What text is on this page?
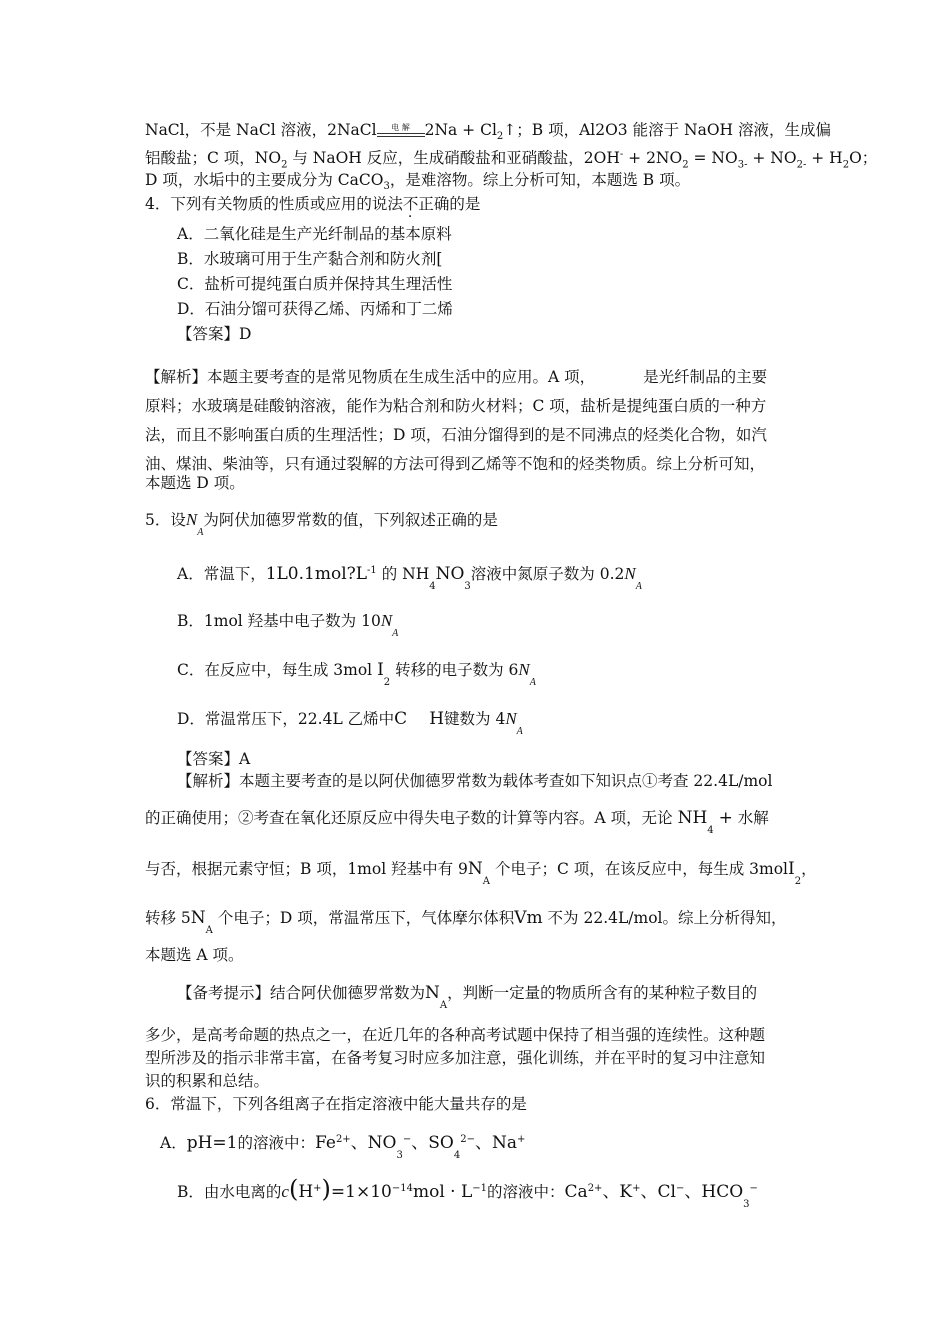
NaCl，不是 NaCl 溶液，2NaCl	电 解 $2Na + Cl_2↑$；B 项，Al2O3 能溶于 NaOH 溶液，生成偏
铝酸盐；C 项，$NO_2$ 与 NaOH 反应，生成硝酸盐和亚硝酸盐，$2OH^- + 2NO_2 = NO_{3-} + NO_{2-} + H_2O$；
D 项，水垢中的主要成分为 CaCO$_3$，是难溶物。综上分析可知，本题选 B 项。
4．下列有关物质的性质或应用的说法不正确的是
A．二氧化硅是生产光纤制品的基本原料
B．水玻璃可用于生产黏合剂和防火剂[
C．盐析可提纯蛋白质并保持其生理活性
D．石油分馏可获得乙烯、丙烯和丁二烯
【答案】D
【解析】本题主要考查的是常见物质在生成生活中的应用。A 项，	是光纤制品的主要
原料；水玻璃是硅酸钠溶液，能作为粘合剂和防火材料；C 项，盐析是提纯蛋白质的一种方
法，而且不影响蛋白质的生理活性；D 项，石油分馏得到的是不同沸点的烃类化合物，如汽
油、煤油、柴油等，只有通过裂解的方法可得到乙烯等不饱和的烃类物质。综上分析可知，
本题选 D 项。
5．设$N_A$为阿伏加德罗常数的值，下列叙述正确的是
A．常温下，$1L0.1mol?L^{-1}$ 的 $NH_4NO_3$溶液中氮原子数为 $0.2N_A$
B．1mol 羟基中电子数为 $10N_A$
C．在反应中，每生成 3mol $I_2$ 转移的电子数为 $6N_A$
D．常温常压下，22.4L 乙烯中C H键数为 $4N_A$
【答案】A
【解析】本题主要考查的是以阿伏伽德罗常数为载体考查如下知识点①考查 22.4L/mol
的正确使用；②考查在氧化还原反应中得失电子数的计算等内容。A 项，无论 $NH_4$ + 水解
与否，根据元素守恒；B 项，1mol 羟基中有 $9N_A$ 个电子；C 项，在该反应中，每生成 3molI$_2$，
转移 $5N_A$ 个电子；D 项，常温常压下，气体摩尔体积Vm 不为 22.4L/mol。综上分析得知，
本题选 A 项。
【备考提示】结合阿伏伽德罗常数为$N_A$，判断一定量的物质所含有的某种粒子数目的
多少，是高考命题的热点之一，在近几年的各种高考试题中保持了相当强的连续性。这种题
型所涉及的指示非常丰富，在备考复习时应多加注意，强化训练，并在平时的复习中注意知
识的积累和总结。
6．常温下，下列各组离子在指定溶液中能大量共存的是
A．pH=1的溶液中：$Fe^{2+}$、$NO_3^-$、$SO_4^{2-}$、Na+
B．由水电离的$c(H^+)=1\times 10^{-14}mol \cdot L^{-1}$的溶液中：$Ca^{2+}$、K+、Cl−、$HCO_3^-$
